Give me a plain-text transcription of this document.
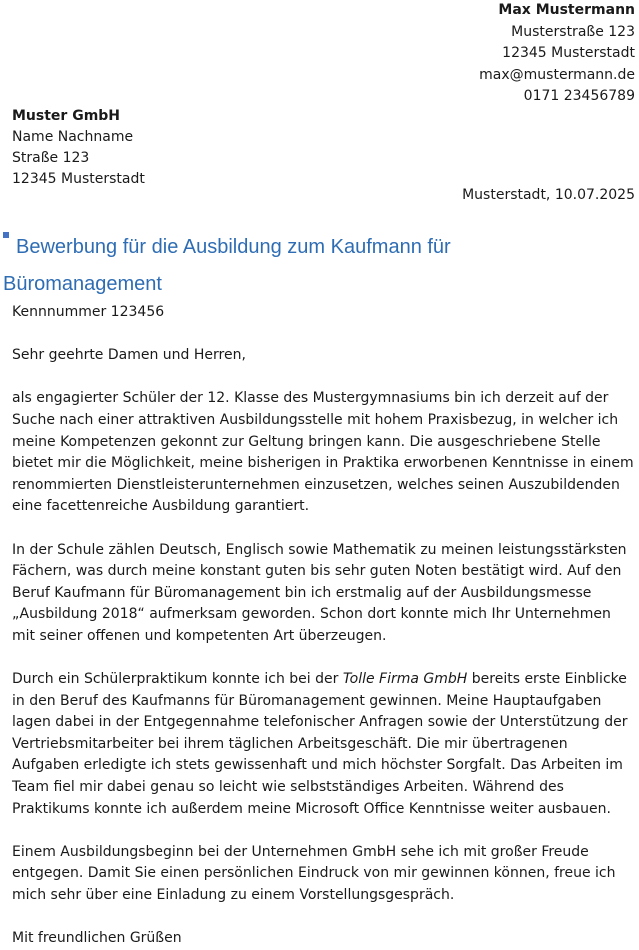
Max Mustermann
Musterstraße 123
12345 Musterstadt
max@mustermann.de
0171 23456789
Muster GmbH
Name Nachname
Straße 123
12345 Musterstadt
Musterstadt, 10.07.2025
Bewerbung für die Ausbildung zum Kaufmann für Büromanagement

Kennnummer 123456

Sehr geehrte Damen und Herren,

als engagierter Schüler der 12. Klasse des Mustergymnasiums bin ich derzeit auf der Suche nach einer attraktiven Ausbildungsstelle mit hohem Praxisbezug, in welcher ich meine Kompetenzen gekonnt zur Geltung bringen kann. Die ausgeschriebene Stelle bietet mir die Möglichkeit, meine bisherigen in Praktika erworbenen Kenntnisse in einem renommierten Dienstleisterunternehmen einzusetzen, welches seinen Auszubildenden eine facettenreiche Ausbildung garantiert.

In der Schule zählen Deutsch, Englisch sowie Mathematik zu meinen leistungsstärksten Fächern, was durch meine konstant guten bis sehr guten Noten bestätigt wird. Auf den Beruf Kaufmann für Büromanagement bin ich erstmalig auf der Ausbildungsmesse „Ausbildung 2018“ aufmerksam geworden. Schon dort konnte mich Ihr Unternehmen mit seiner offenen und kompetenten Art überzeugen.

Durch ein Schülerpraktikum konnte ich bei der Tolle Firma GmbH bereits erste Einblicke in den Beruf des Kaufmanns für Büromanagement gewinnen. Meine Hauptaufgaben lagen dabei in der Entgegennahme telefonischer Anfragen sowie der Unterstützung der Vertriebsmitarbeiter bei ihrem täglichen Arbeitsgeschäft. Die mir übertragenen Aufgaben erledigte ich stets gewissenhaft und mich höchster Sorgfalt. Das Arbeiten im Team fiel mir dabei genau so leicht wie selbstständiges Arbeiten. Während des Praktikums konnte ich außerdem meine Microsoft Office Kenntnisse weiter ausbauen.

Einem Ausbildungsbeginn bei der Unternehmen GmbH sehe ich mit großer Freude entgegen. Damit Sie einen persönlichen Eindruck von mir gewinnen können, freue ich mich sehr über eine Einladung zu einem Vorstellungsgespräch.

Mit freundlichen Grüßen
